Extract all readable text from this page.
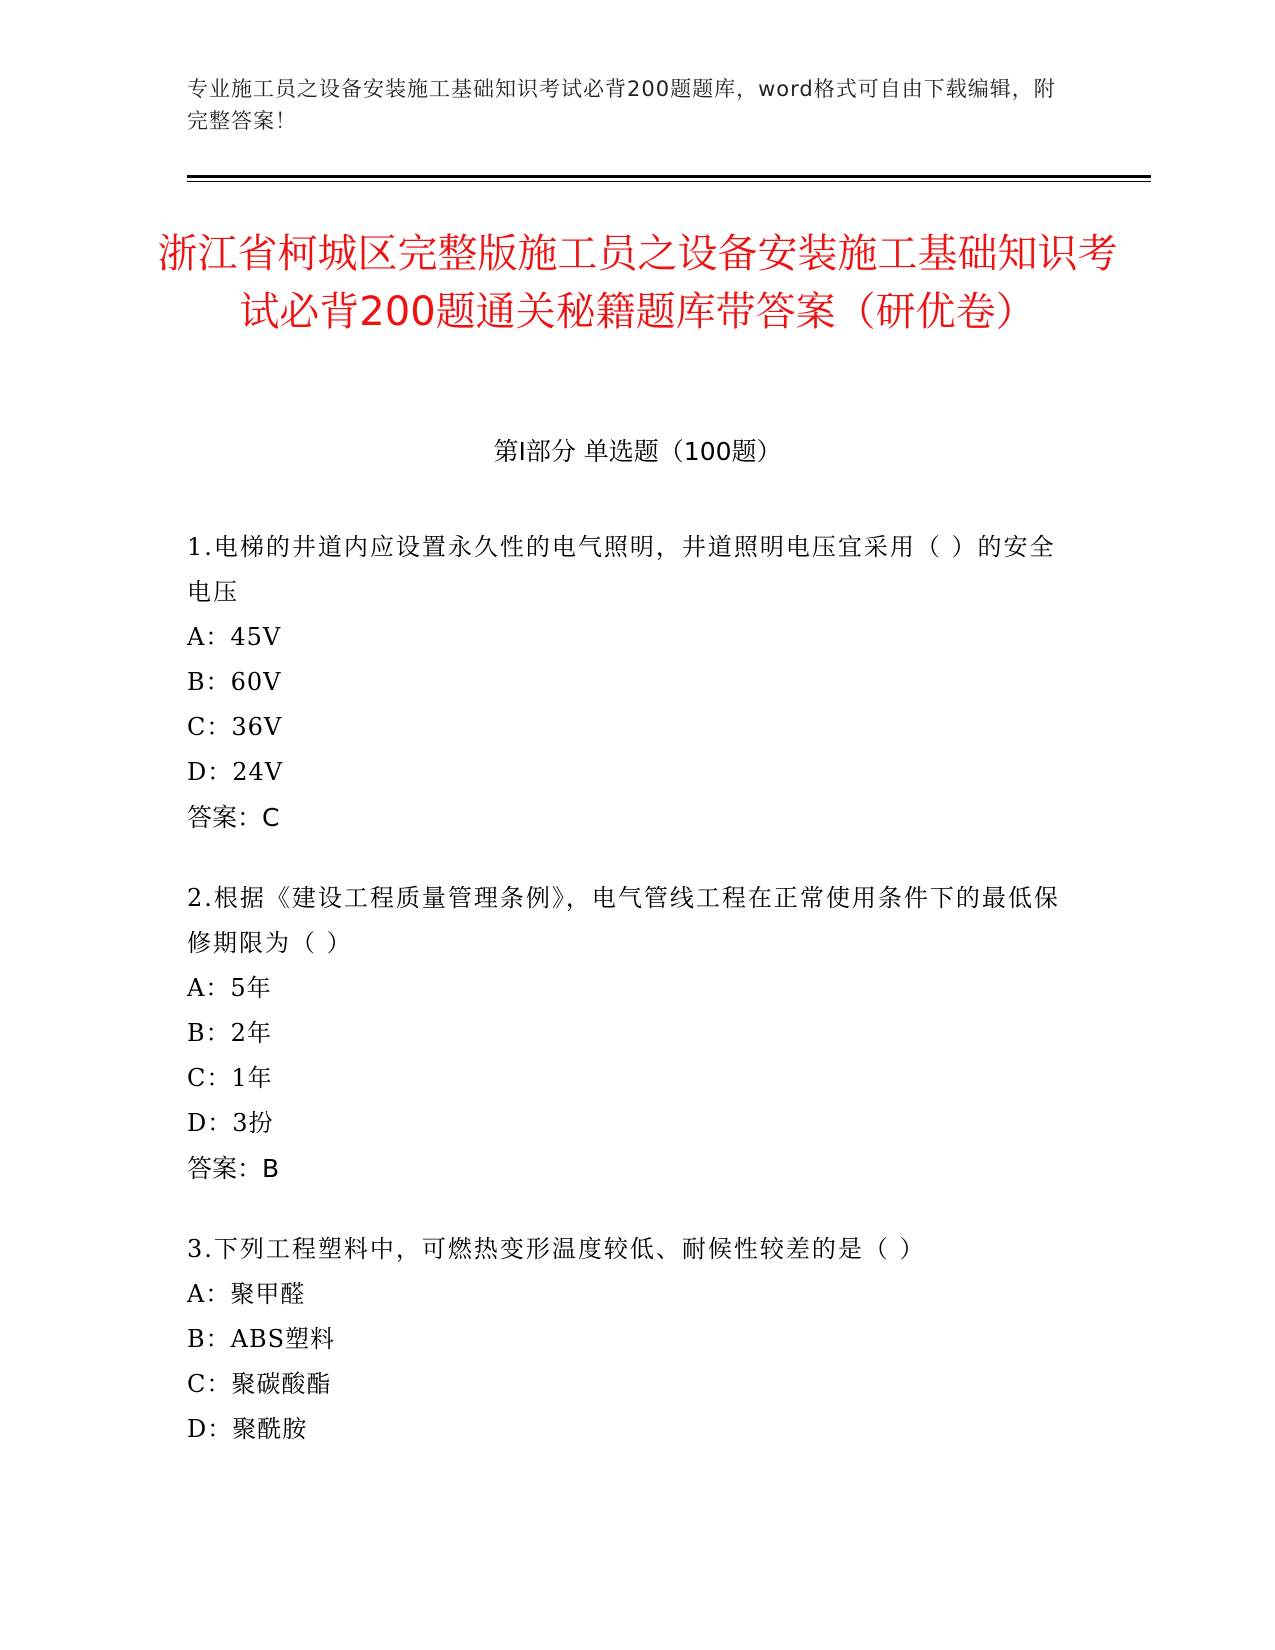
专业施工员之设备安装施工基础知识考试必背200题题库，word格式可自由下载编辑，附完整答案！
浙江省柯城区完整版施工员之设备安装施工基础知识考试必背200题通关秘籍题库带答案（研优卷）
第Ⅰ部分 单选题（100题）

1.电梯的井道内应设置永久性的电气照明，井道照明电压宜采用（ ）的安全电压

A：45V

B：60V

C：36V

D：24V

答案：C

2.根据《建设工程质量管理条例》，电气管线工程在正常使用条件下的最低保修期限为（ ）

A：5年

B：2年

C：1年

D：3扮

答案：B

3.下列工程塑料中，可燃热变形温度较低、耐候性较差的是（ ）

A：聚甲醛

B：ABS塑料

C：聚碳酸酯

D：聚酰胺
